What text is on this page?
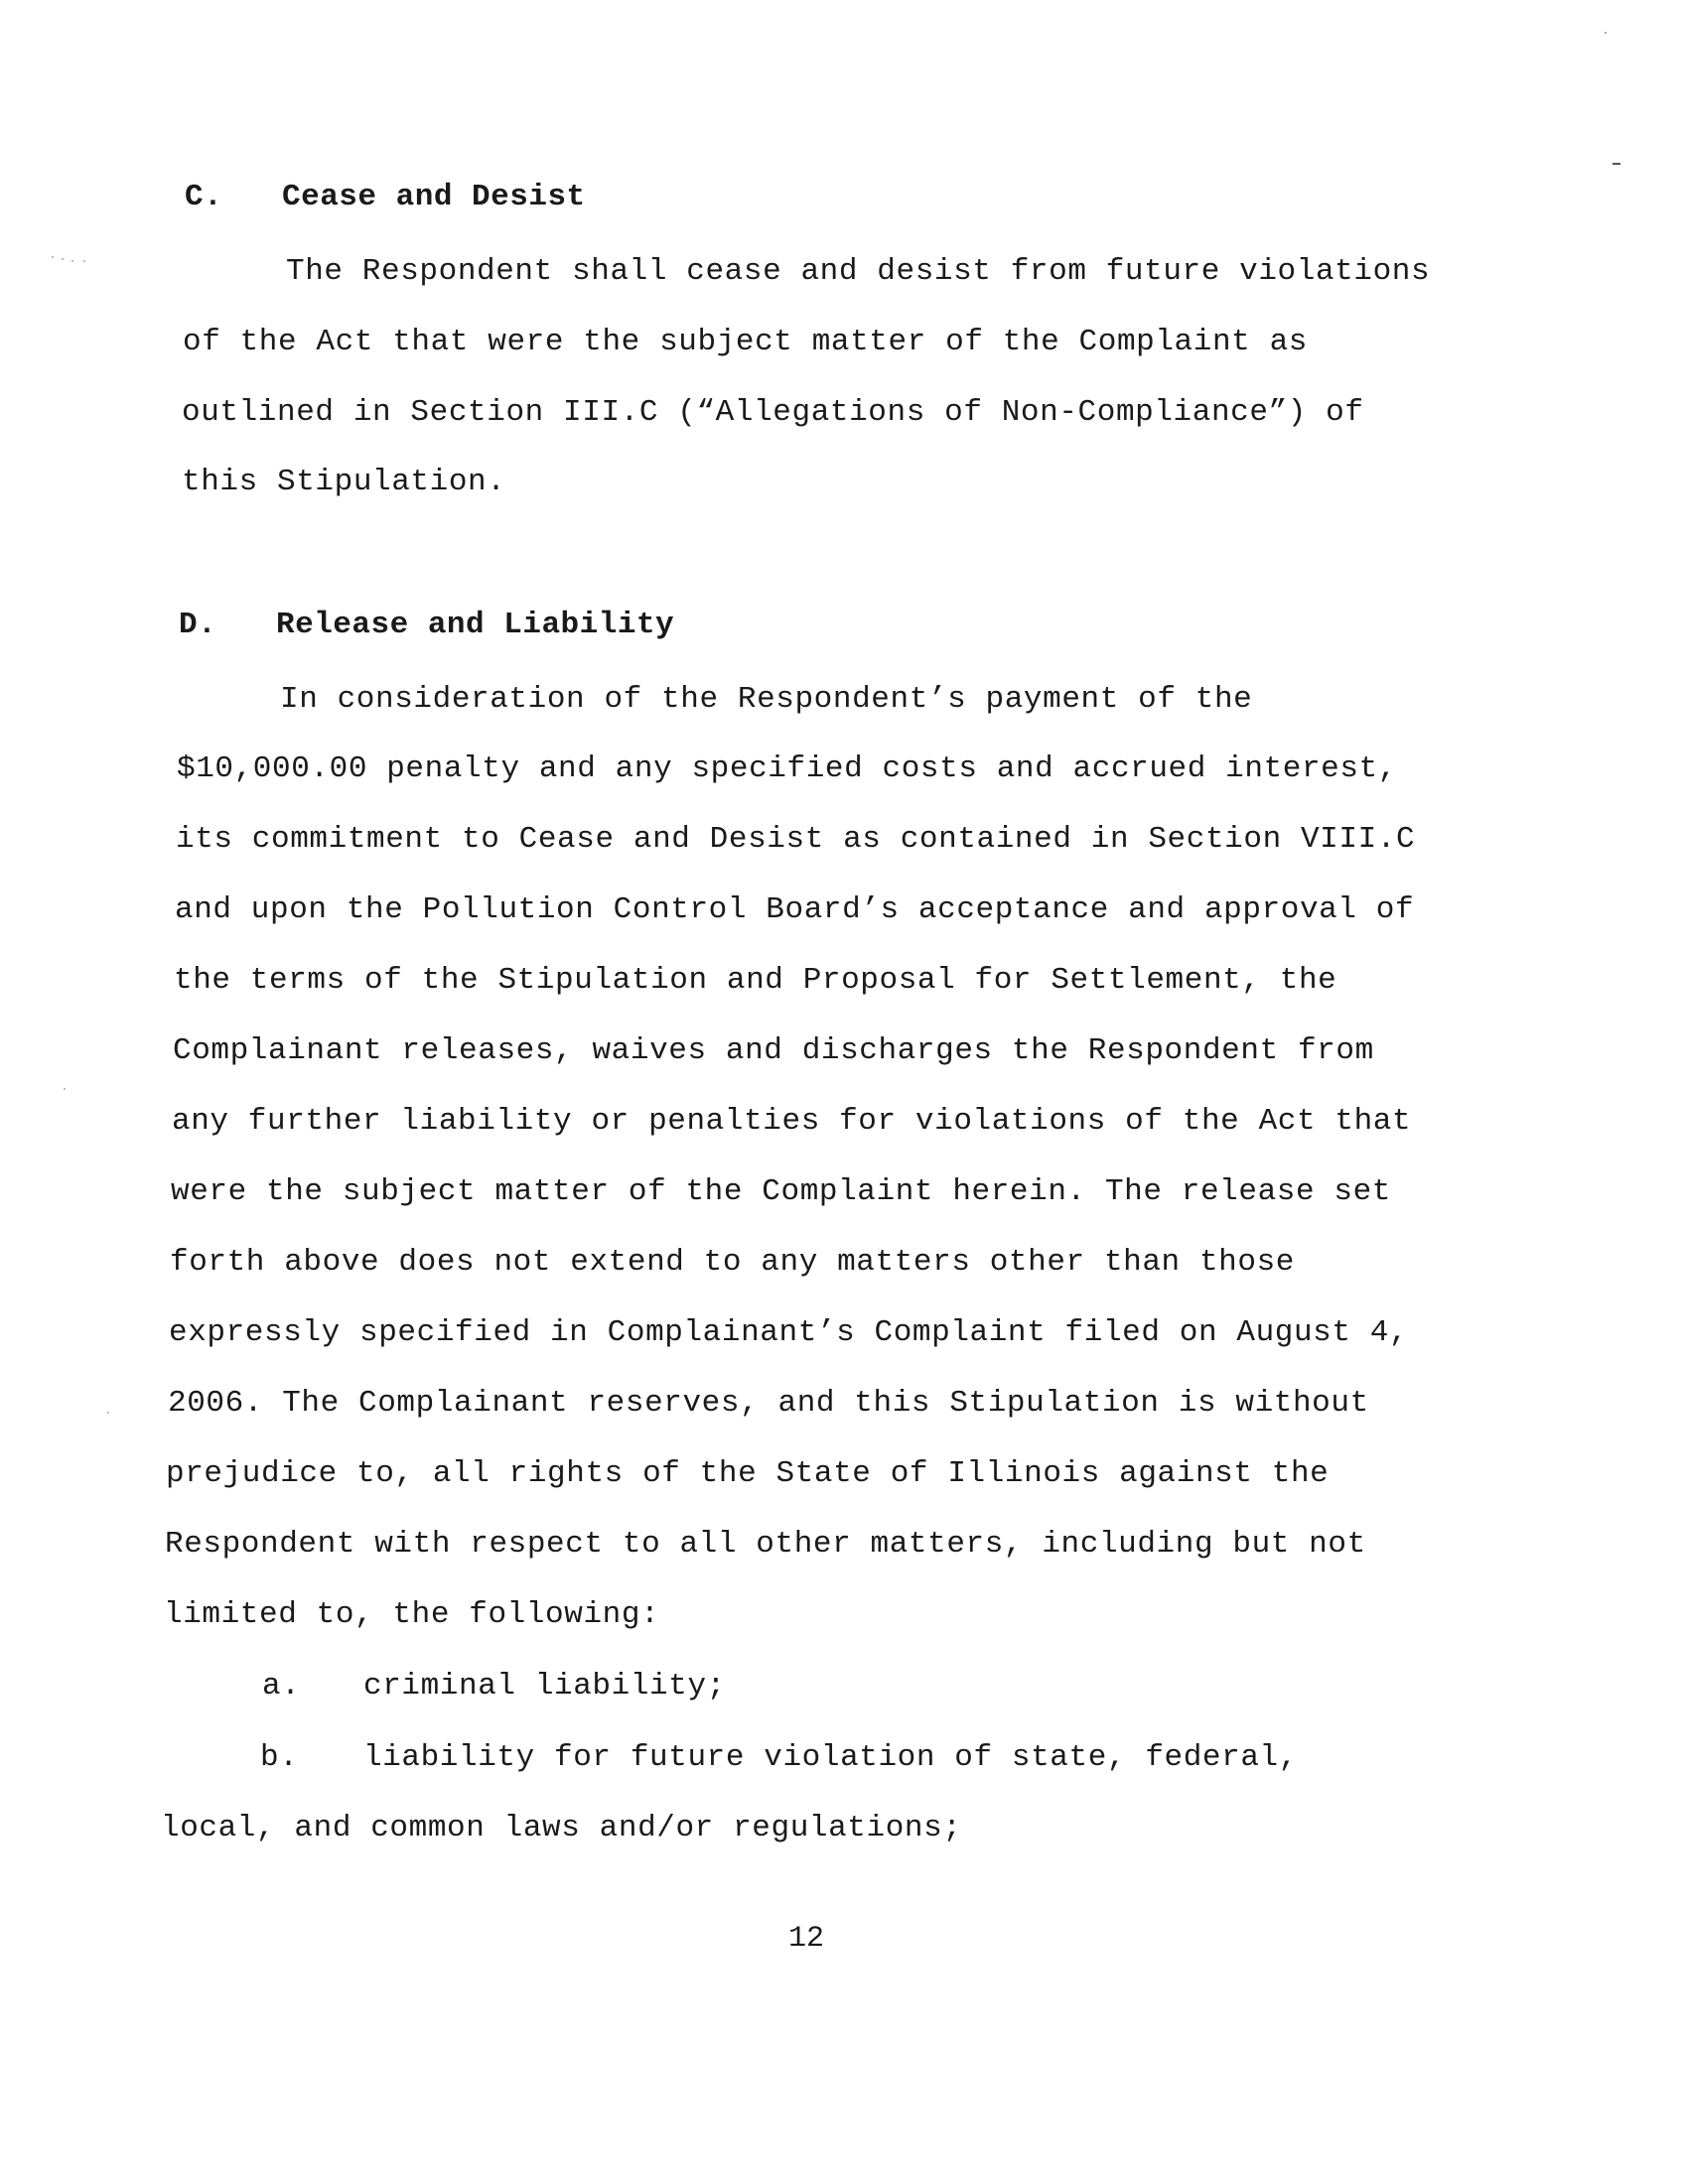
C. Cease and Desist
The Respondent shall cease and desist from future violations
of the Act that were the subject matter of the Complaint as
outlined in Section III.C (“Allegations of Non-Compliance”) of
this Stipulation.
D. Release and Liability
In consideration of the Respondent’s payment of the
$10,000.00 penalty and any specified costs and accrued interest,
its commitment to Cease and Desist as contained in Section VIII.C
and upon the Pollution Control Board’s acceptance and approval of
the terms of the Stipulation and Proposal for Settlement, the
Complainant releases, waives and discharges the Respondent from
any further liability or penalties for violations of the Act that
were the subject matter of the Complaint herein. The release set
forth above does not extend to any matters other than those
expressly specified in Complainant’s Complaint filed on August 4,
2006. The Complainant reserves, and this Stipulation is without
prejudice to, all rights of the State of Illinois against the
Respondent with respect to all other matters, including but not
limited to, the following:
a. criminal liability;
b. liability for future violation of state, federal,
local, and common laws and/or regulations;
12
